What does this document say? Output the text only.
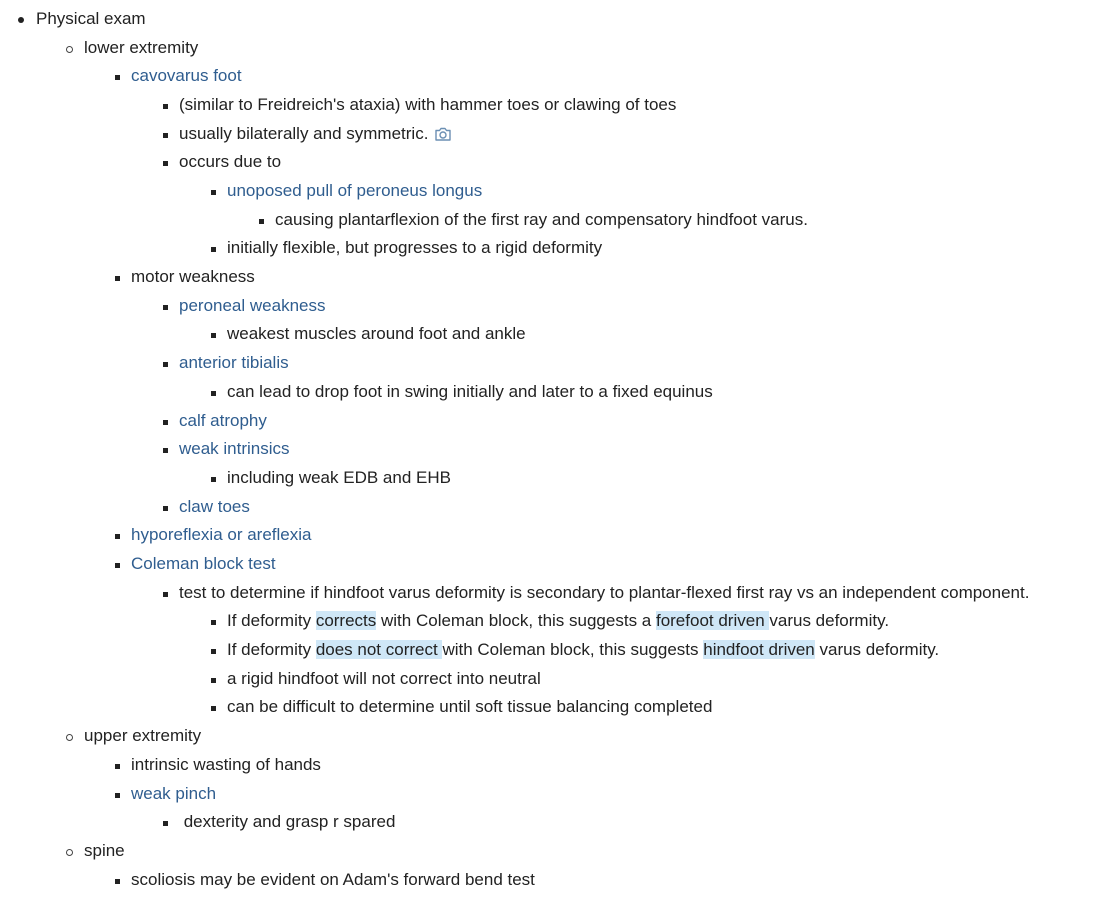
Physical exam
lower extremity
cavovarus foot
(similar to Freidreich's ataxia) with hammer toes or clawing of toes
usually bilaterally and symmetric.
occurs due to
unoposed pull of peroneus longus
causing plantarflexion of the first ray and compensatory hindfoot varus.
initially flexible, but progresses to a rigid deformity
motor weakness
peroneal weakness
weakest muscles around foot and ankle
anterior tibialis
can lead to drop foot in swing initially and later to a fixed equinus
calf atrophy
weak intrinsics
including weak EDB and EHB
claw toes
hyporeflexia or areflexia
Coleman block test
test to determine if hindfoot varus deformity is secondary to plantar-flexed first ray vs an independent component.
If deformity corrects with Coleman block, this suggests a forefoot driven varus deformity.
If deformity does not correct with Coleman block, this suggests hindfoot driven varus deformity.
a rigid hindfoot will not correct into neutral
can be difficult to determine until soft tissue balancing completed
upper extremity
intrinsic wasting of hands
weak pinch
dexterity and grasp r spared
spine
scoliosis may be evident on Adam's forward bend test
